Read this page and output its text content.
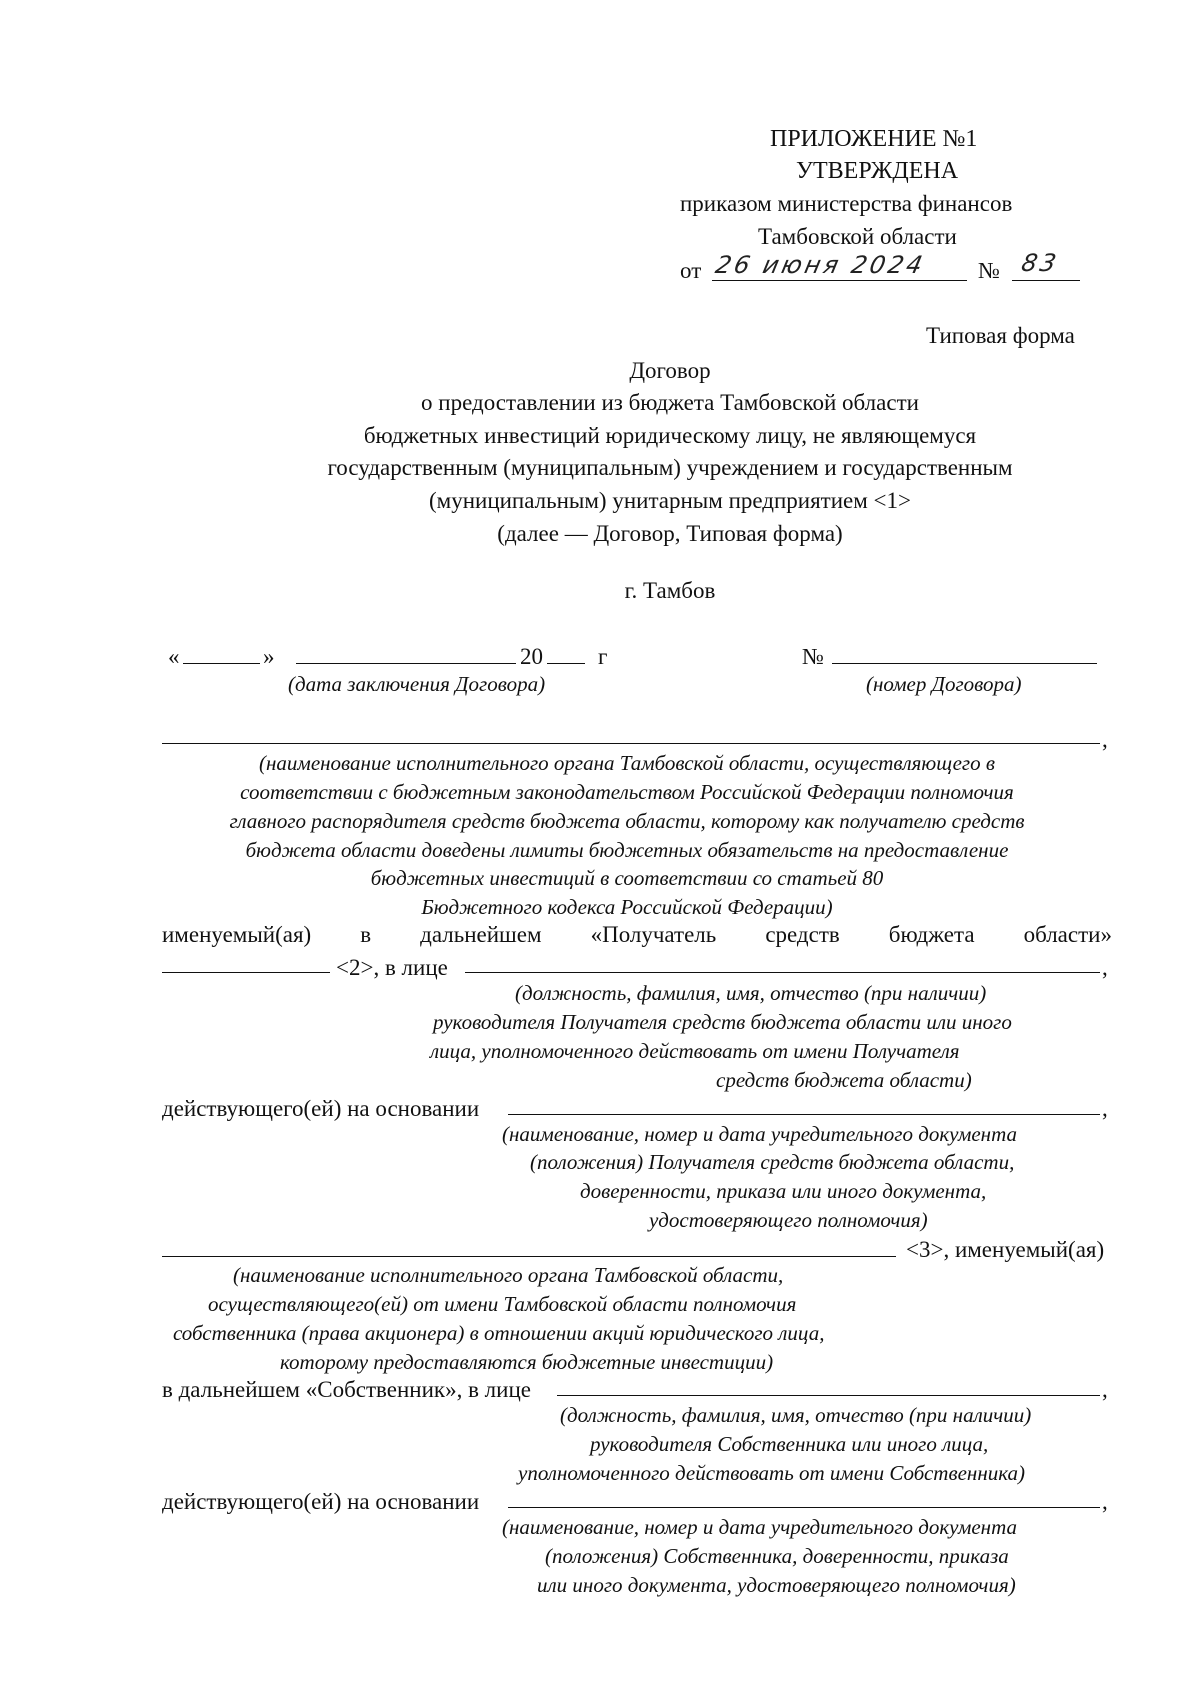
ПРИЛОЖЕНИЕ №1
УТВЕРЖДЕНА
приказом министерства финансов
Тамбовской области
от 26 июня 2024 № 83
Типовая форма
Договор
о предоставлении из бюджета Тамбовской области
бюджетных инвестиций юридическому лицу, не являющемуся
государственным (муниципальным) учреждением и государственным
(муниципальным) унитарным предприятием <1>
(далее — Договор, Типовая форма)
г. Тамбов
«	»	20 г	№
(дата заключения Договора)	(номер Договора)
,
(наименование исполнительного органа Тамбовской области, осуществляющего в
соответствии с бюджетным законодательством Российской Федерации полномочия
главного распорядителя средств бюджета области, которому как получателю средств
бюджета области доведены лимиты бюджетных обязательств на предоставление
бюджетных инвестиций в соответствии со статьей 80
Бюджетного кодекса Российской Федерации)
именуемый(ая) в дальнейшем «Получатель средств бюджета области»
<2>, в лице	,
(должность, фамилия, имя, отчество (при наличии)
руководителя Получателя средств бюджета области или иного
лица, уполномоченного действовать от имени Получателя
средств бюджета области)
действующего(ей) на основании	,
(наименование, номер и дата учредительного документа
(положения) Получателя средств бюджета области,
доверенности, приказа или иного документа,
удостоверяющего полномочия)
<3>, именуемый(ая)
(наименование исполнительного органа Тамбовской области,
осуществляющего(ей) от имени Тамбовской области полномочия
собственника (права акционера) в отношении акций юридического лица,
которому предоставляются бюджетные инвестиции)
в дальнейшем «Собственник», в лице	,
(должность, фамилия, имя, отчество (при наличии)
руководителя Собственника или иного лица,
уполномоченного действовать от имени Собственника)
действующего(ей) на основании	,
(наименование, номер и дата учредительного документа
(положения) Собственника, доверенности, приказа
или иного документа, удостоверяющего полномочия)
